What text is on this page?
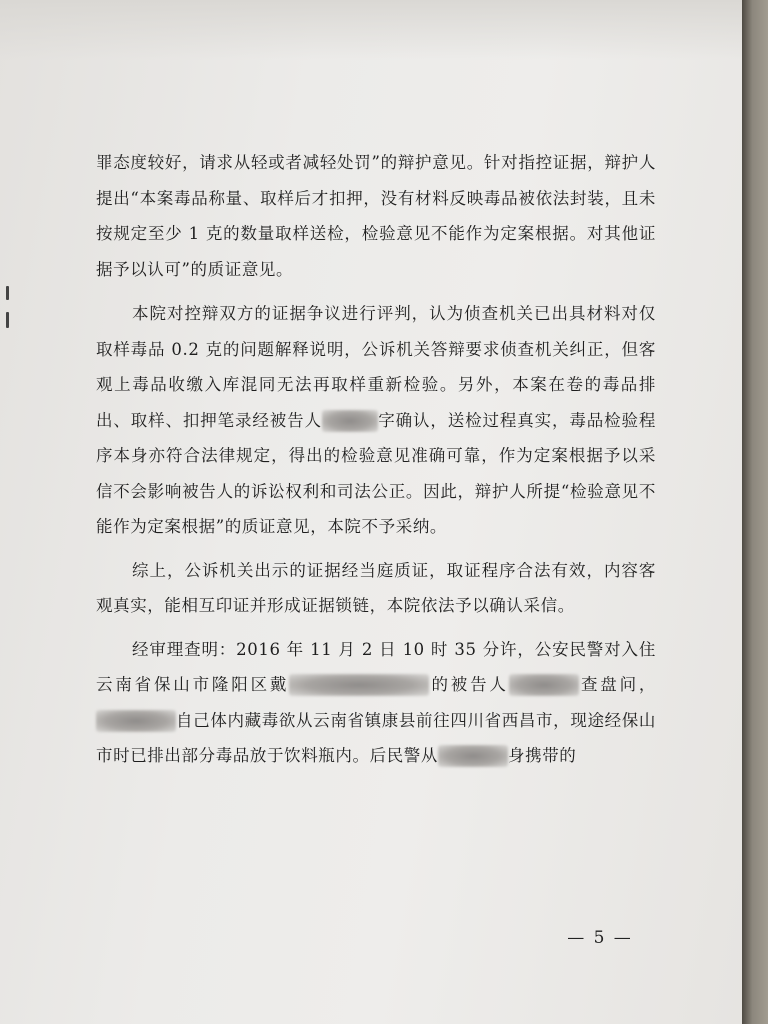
罪态度较好，请求从轻或者减轻处罚”的辩护意见。针对指控证据，辩护人提出“本案毒品称量、取样后才扣押，没有材料反映毒品被依法封装，且未按规定至少 1 克的数量取样送检，检验意见不能作为定案根据。对其他证据予以认可”的质证意见。

本院对控辩双方的证据争议进行评判，认为侦查机关已出具材料对仅取样毒品 0.2 克的问题解释说明，公诉机关答辩要求侦查机关纠正，但客观上毒品收缴入库混同无法再取样重新检验。另外，本案在卷的毒品排出、取样、扣押笔录经被告人	字确认，送检过程真实，毒品检验程序本身亦符合法律规定，得出的检验意见准确可靠，作为定案根据予以采信不会影响被告人的诉讼权利和司法公正。因此，辩护人所提“检验意见不能作为定案根据”的质证意见，本院不予采纳。

综上，公诉机关出示的证据经当庭质证，取证程序合法有效，内容客观真实，能相互印证并形成证据锁链，本院依法予以确认采信。

经审理查明：2016 年 11 月 2 日 10 时 35 分许，公安民警对入住云南省保山市隆阳区戴	的被告人	查盘问，自己体内藏毒欲从云南省镇康县前往四川省西昌市，现途经保山市时已排出部分毒品放于饮料瓶内。后民警从	身携带的

— 5 —
